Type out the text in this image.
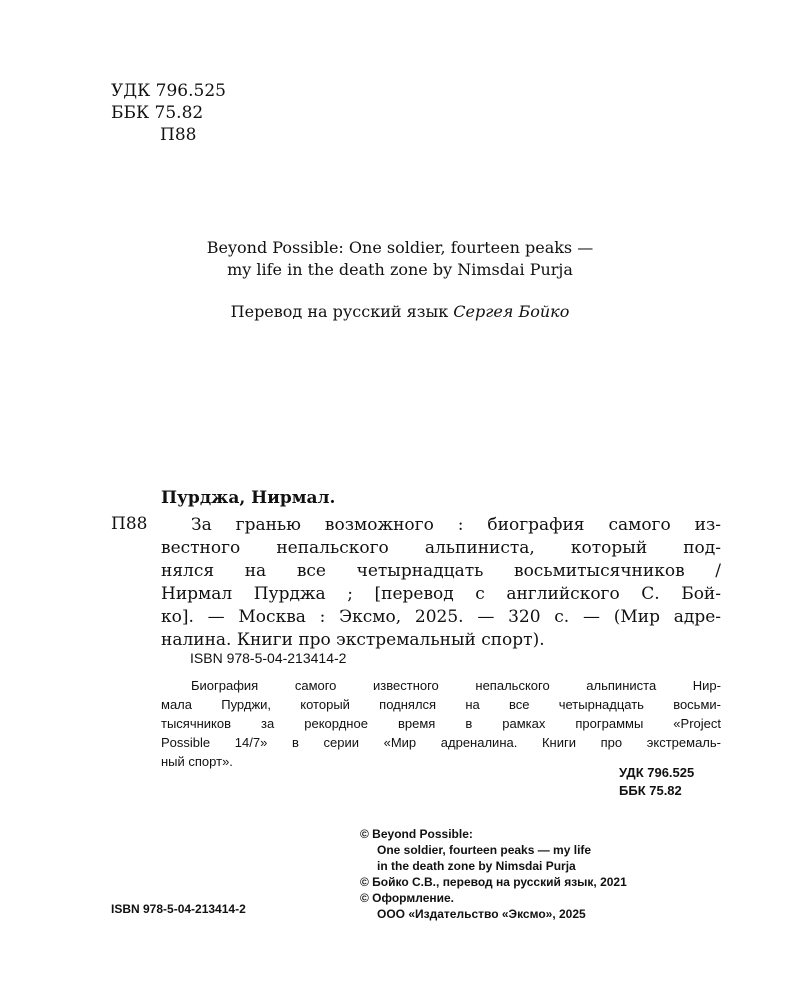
УДК 796.525
ББК 75.82
П88
Beyond Possible: One soldier, fourteen peaks —
my life in the death zone by Nimsdai Purja
Перевод на русский язык Сергея Бойко
Пурджа, Нирмал.
П88	За гранью возможного : биография самого из-
вестного непальского альпиниста, который под-
нялся на все четырнадцать восьмитысячников /
Нирмал Пурджа ; [перевод с английского С. Бой-
ко]. — Москва : Эксмо, 2025. — 320 с. — (Мир адре-
налина. Книги про экстремальный спорт).
ISBN 978-5-04-213414-2
Биография самого известного непальского альпиниста Нир-
мала Пурджи, который поднялся на все четырнадцать восьми-
тысячников за рекордное время в рамках программы «Project
Possible 14/7» в серии «Мир адреналина. Книги про экстремаль-
ный спорт».
УДК 796.525
ББК 75.82
© Beyond Possible:
One soldier, fourteen peaks — my life
in the death zone by Nimsdai Purja
© Бойко С.В., перевод на русский язык, 2021
© Оформление.
ООО «Издательство «Эксмо», 2025
ISBN 978-5-04-213414-2
